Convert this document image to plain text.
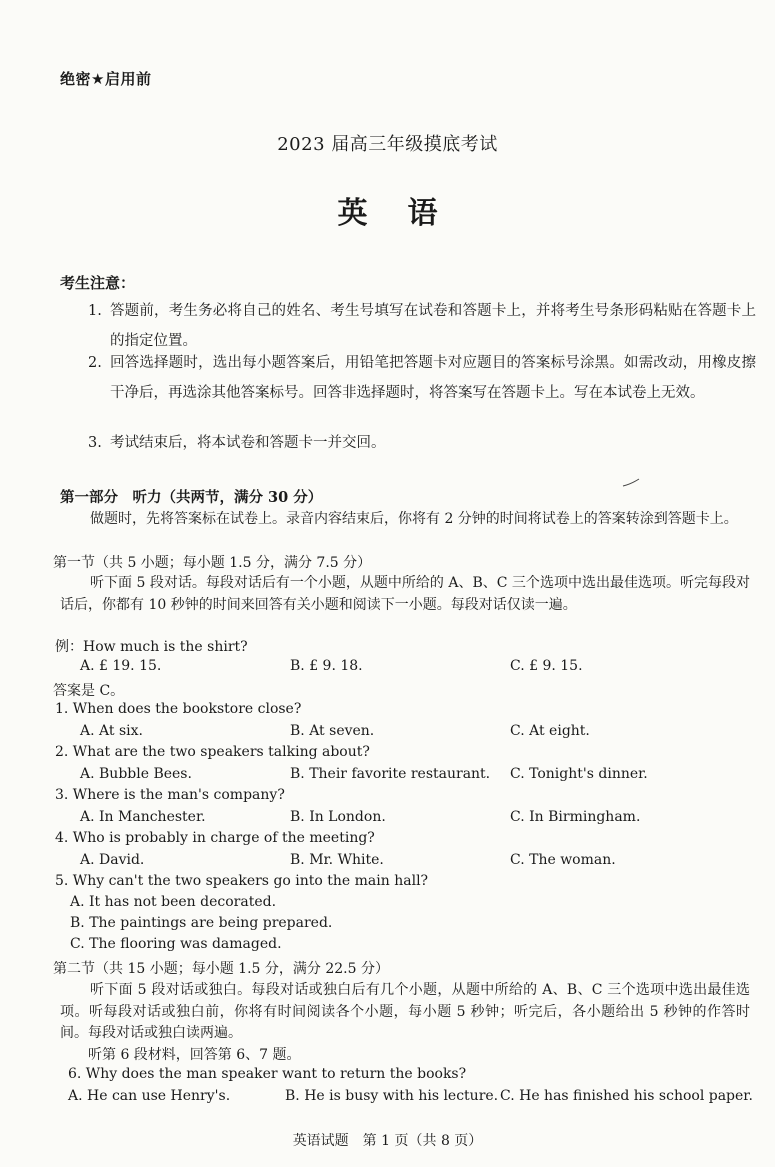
绝密★启用前
2023 届高三年级摸底考试
英语
考生注意：
1. 答题前，考生务必将自己的姓名、考生号填写在试卷和答题卡上，并将考生号条形码粘贴在答题卡上的指定位置。
2. 回答选择题时，选出每小题答案后，用铅笔把答题卡对应题目的答案标号涂黑。如需改动，用橡皮擦干净后，再选涂其他答案标号。回答非选择题时，将答案写在答题卡上。写在本试卷上无效。
3. 考试结束后，将本试卷和答题卡一并交回。
第一部分　听力（共两节，满分 30 分）
做题时，先将答案标在试卷上。录音内容结束后，你将有 2 分钟的时间将试卷上的答案转涂到答题卡上。
第一节（共 5 小题；每小题 1.5 分，满分 7.5 分）
听下面 5 段对话。每段对话后有一个小题，从题中所给的 A、B、C 三个选项中选出最佳选项。听完每段对话后，你都有 10 秒钟的时间来回答有关小题和阅读下一小题。每段对话仅读一遍。
例：How much is the shirt?
A. £ 19. 15.	B. £ 9. 18.	C. £ 9. 15.
答案是 C。
1. When does the bookstore close?
A. At six.	B. At seven.	C. At eight.
2. What are the two speakers talking about?
A. Bubble Bees.	B. Their favorite restaurant. C. Tonight's dinner.
3. Where is the man's company?
A. In Manchester.	B. In London.	C. In Birmingham.
4. Who is probably in charge of the meeting?
A. David.	B. Mr. White.	C. The woman.
5. Why can't the two speakers go into the main hall?
A. It has not been decorated.
B. The paintings are being prepared.
C. The flooring was damaged.
第二节（共 15 小题；每小题 1.5 分，满分 22.5 分）
听下面 5 段对话或独白。每段对话或独白后有几个小题，从题中所给的 A、B、C 三个选项中选出最佳选项。听每段对话或独白前，你将有时间阅读各个小题，每小题 5 秒钟；听完后，各小题给出 5 秒钟的作答时间。每段对话或独白读两遍。
听第 6 段材料，回答第 6、7 题。
6. Why does the man speaker want to return the books?
A. He can use Henry's.	B. He is busy with his lecture. C. He has finished his school paper.
英语试题　第 1 页（共 8 页）
